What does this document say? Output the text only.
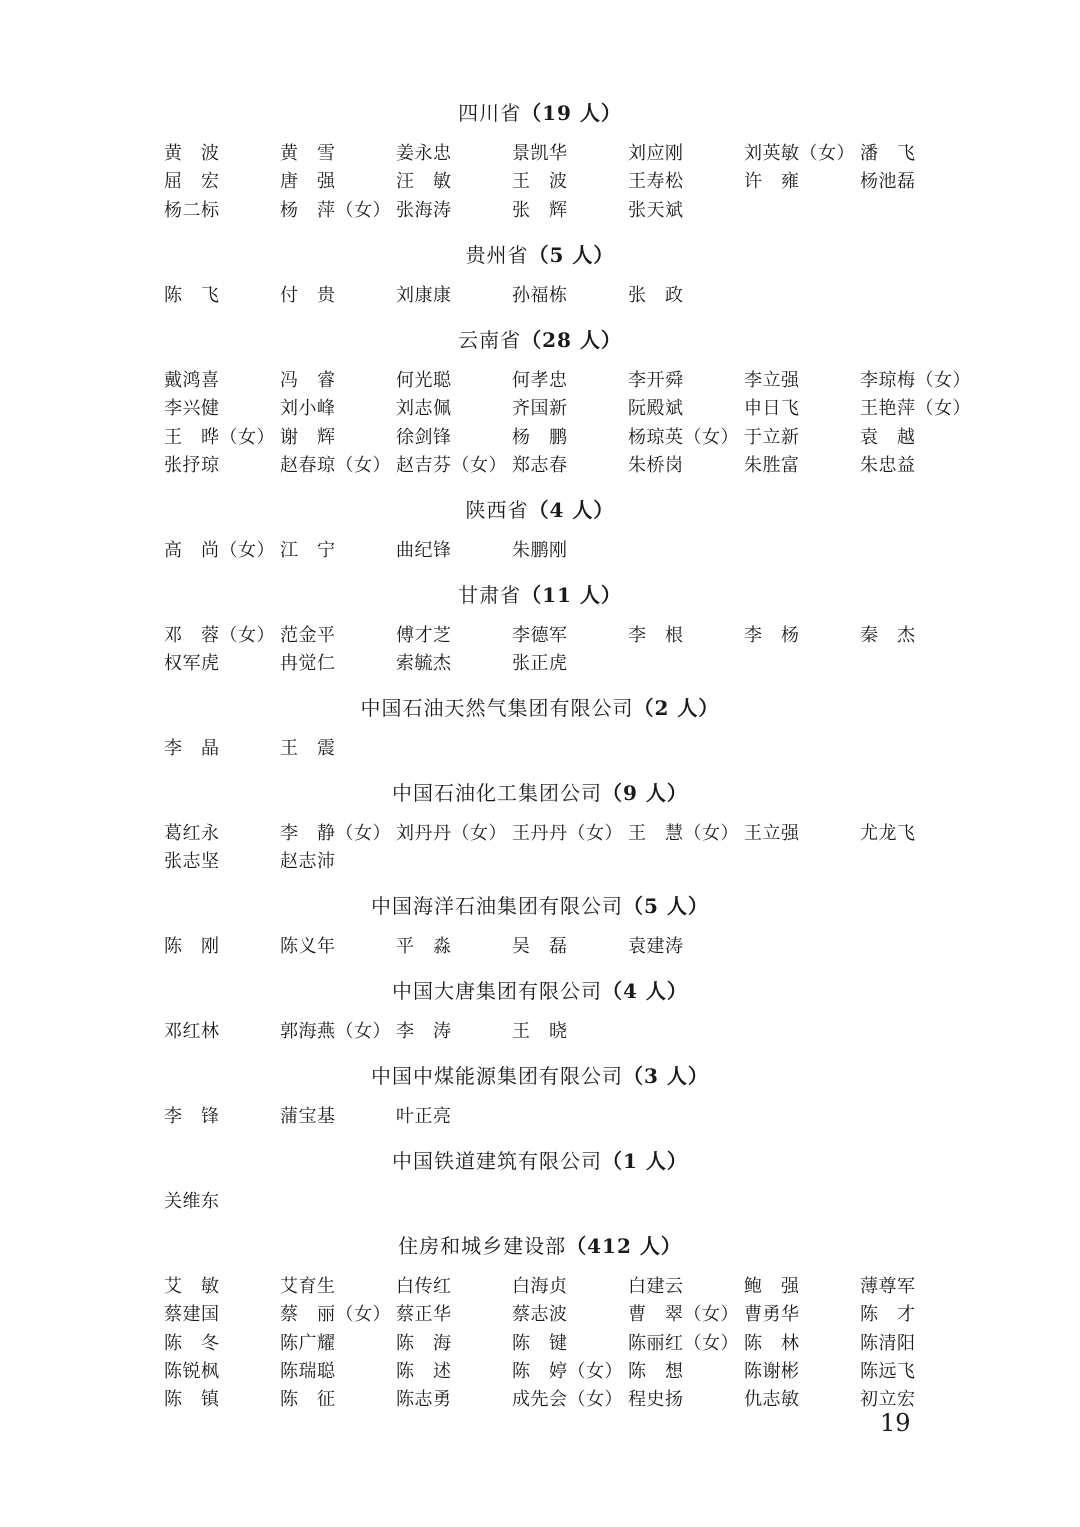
四川省（19 人）
黄　波	黄　雪	姜永忠	景凯华	刘应刚	刘英敏（女） 潘　飞
屈　宏	唐　强	汪　敏	王　波	王寿松	许　雍	杨池磊
杨二标	杨　萍（女） 张海涛	张　辉	张天斌
贵州省（5 人）
陈　飞	付　贵	刘康康	孙福栋	张　政
云南省（28 人）
戴鸿喜	冯　睿	何光聪	何孝忠	李开舜	李立强	李琼梅（女）
李兴健	刘小峰	刘志佩	齐国新	阮殿斌	申日飞	王艳萍（女）
王　晔（女） 谢　辉	徐剑锋	杨　鹏	杨琼英（女） 于立新	袁　越
张抒琼	赵春琼（女） 赵吉芬（女） 郑志春	朱桥岗	朱胜富	朱忠益
陕西省（4 人）
高　尚（女） 江　宁	曲纪锋	朱鹏刚
甘肃省（11 人）
邓　蓉（女） 范金平	傅才芝	李德军	李　根	李　杨	秦　杰
权军虎	冉觉仁	索毓杰	张正虎
中国石油天然气集团有限公司（2 人）
李　晶	王　震
中国石油化工集团公司（9 人）
葛红永	李　静（女） 刘丹丹（女） 王丹丹（女） 王　慧（女） 王立强	尤龙飞
张志坚	赵志沛
中国海洋石油集团有限公司（5 人）
陈　刚	陈义年	平　淼	吴　磊	袁建涛
中国大唐集团有限公司（4 人）
邓红林	郭海燕（女） 李　涛	王　晓
中国中煤能源集团有限公司（3 人）
李　锋	蒲宝基	叶正亮
中国铁道建筑有限公司（1 人）
关维东
住房和城乡建设部（412 人）
艾　敏	艾育生	白传红	白海贞	白建云	鲍　强	薄尊军
蔡建国	蔡　丽（女） 蔡正华	蔡志波	曹　翠（女） 曹勇华	陈　才
陈　冬	陈广耀	陈　海	陈　键	陈丽红（女） 陈　林	陈清阳
陈锐枫	陈瑞聪	陈　述	陈　婷（女） 陈　想	陈谢彬	陈远飞
陈　镇	陈　征	陈志勇	成先会（女） 程史扬	仇志敏	初立宏
19
